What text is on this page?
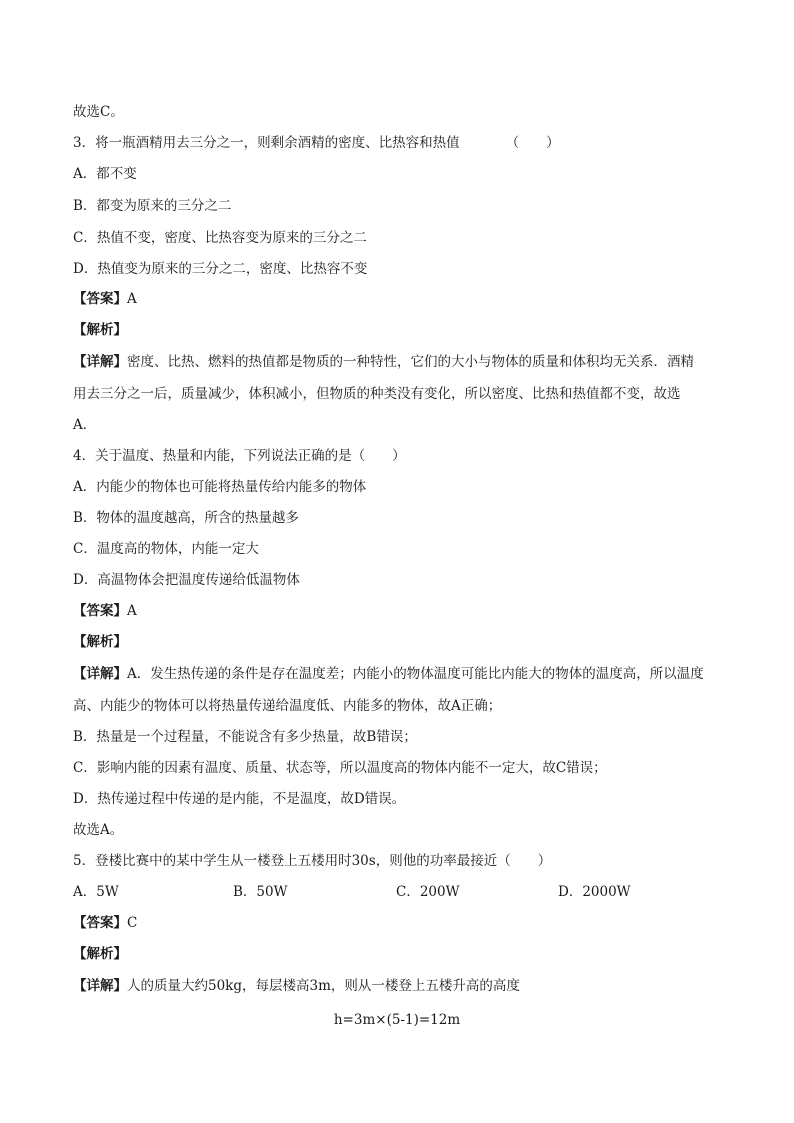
故选C。
3．将一瓶酒精用去三分之一，则剩余酒精的密度、比热容和热值	（　　）
A．都不变
B．都变为原来的三分之二
C．热值不变，密度、比热容变为原来的三分之二
D．热值变为原来的三分之二，密度、比热容不变
【答案】A
【解析】
【详解】密度、比热、燃料的热值都是物质的一种特性，它们的大小与物体的质量和体积均无关系．酒精
用去三分之一后，质量减少，体积减小，但物质的种类没有变化，所以密度、比热和热值都不变，故选
A．
4．关于温度、热量和内能，下列说法正确的是（　　）
A．内能少的物体也可能将热量传给内能多的物体
B．物体的温度越高，所含的热量越多
C．温度高的物体，内能一定大
D．高温物体会把温度传递给低温物体
【答案】A
【解析】
【详解】A．发生热传递的条件是存在温度差；内能小的物体温度可能比内能大的物体的温度高，所以温度
高、内能少的物体可以将热量传递给温度低、内能多的物体，故A正确；
B．热量是一个过程量，不能说含有多少热量，故B错误；
C．影响内能的因素有温度、质量、状态等，所以温度高的物体内能不一定大，故C错误；
D．热传递过程中传递的是内能，不是温度，故D错误。
故选A。
5．登楼比赛中的某中学生从一楼登上五楼用时30s，则他的功率最接近（　　）
A．5W	B．50W	C．200W	D．2000W
【答案】C
【解析】
【详解】人的质量大约50kg，每层楼高3m，则从一楼登上五楼升高的高度
h=3m×(5-1)=12m
